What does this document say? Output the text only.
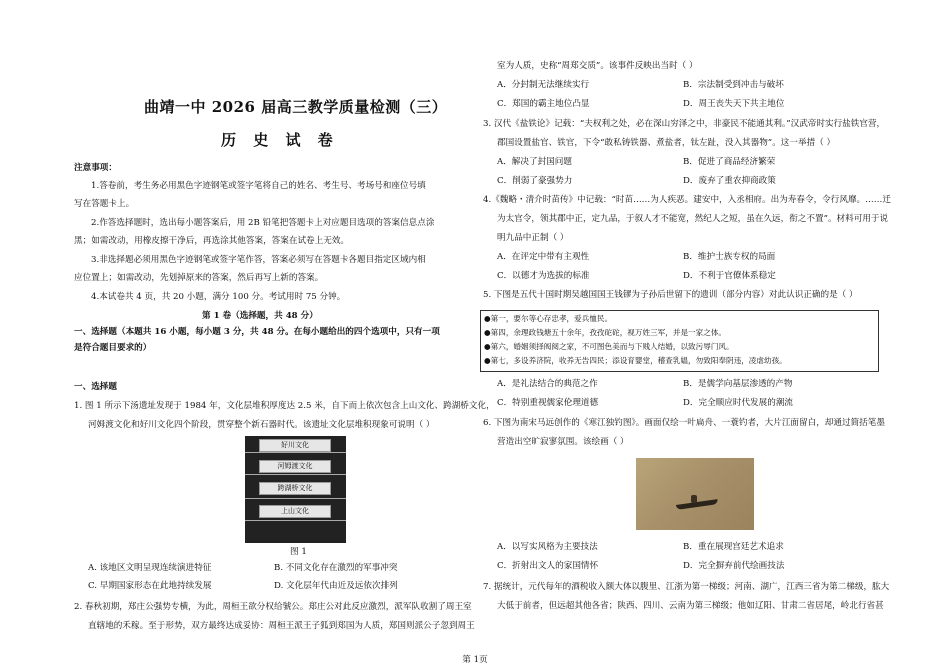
曲靖一中 2026 届高三教学质量检测（三）
历 史 试 卷
注意事项：
1.答卷前，考生务必用黑色字迹钢笔或签字笔将自己的姓名、考生号、考场号和座位号填
写在答题卡上。
2.作答选择题时，选出每小题答案后，用 2B 铅笔把答题卡上对应题目选项的答案信息点涂
黑；如需改动，用橡皮擦干净后，再选涂其他答案，答案在试卷上无效。
3.非选择题必须用黑色字迹钢笔或签字笔作答，答案必须写在答题卡各题目指定区域内相
应位置上；如需改动，先划掉原来的答案，然后再写上新的答案。
4.本试卷共 4 页，共 20 小题，满分 100 分。考试用时 75 分钟。
第 1 卷（选择题，共 48 分）
一、选择题（本题共 16 小题，每小题 3 分，共 48 分。在每小题给出的四个选项中，只有一项
是符合题目要求的）
一、选择题
1. 图 1 所示下汤遗址发现于 1984 年，文化层堆积厚度达 2.5 米，自下而上依次包含上山文化、跨湖桥文化，
河姆渡文化和好川文化四个阶段，贯穿整个新石器时代。该遗址文化层堆积现象可说明（ ）
好川文化
河姆渡文化
跨湖桥文化
上山文化
图 1
A. 该地区文明呈现连续演进特征	B. 不同文化存在激烈的军事冲突
C. 早期国家形态在此地持续发展	D. 文化层年代由近及远依次排列
2. 春秋初期，郑庄公强势专横，为此，周桓王欲分权给虢公。郑庄公对此反应激烈，派军队收割了周王室
直辖地的禾稼。至于形势，双方最终达成妥协：周桓王派王子狐到郑国为人质，郑国则派公子忽到周王
室为人质，史称“周郑交质”。该事件反映出当时（ ）
A．分封制无法继续实行	B．宗法制受到冲击与破坏
C．郑国的霸主地位凸显	D．周王丧失天下共主地位
3. 汉代《盐铁论》记载：“夫权利之处，必在深山穷泽之中，非豪民不能通其利。”汉武帝时实行盐铁官营，
郡国设置盐官、铁官，下令“敢私铸铁器、煮盐者，钛左趾，没入其器物”。这一举措（ ）
A．解决了封国问题	B．促进了商品经济繁荣
C．削弱了豪强势力	D．废弃了重农抑商政策
4.《魏略・清介时苗传》中记载：“时苗……为人疾恶。建安中，入丞相府。出为寿春令，令行风靡。……迁
为太官令，领其郡中正，定九品，于叙人才不能宽，然纪人之短，虽在久远，衔之不置”。材料可用于说
明九品中正制（ ）
A．在评定中带有主观性	B．维护士族专权的局面
C．以德才为选拔的标准	D．不利于官僚体系稳定
5. 下图是五代十国时期吴越国国王钱镠为子孙后世留下的遗训（部分内容）对此认识正确的是（ ）
●第一，要尔等心存忠孝，爱兵恤民。
●第四，余理政钱塘五十余年，孜孜砣砣，视万姓三军，并是一家之体。
●第六，婚姻须择阀阅之家，不可图色美而与下贱人结婚，以致污辱门风。
●第七，多设养济院，收养无告四民；添设育婴堂，稽查乳媪，勿致阳奉阴违，凌虐幼孩。
A．是礼法结合的典范之作	B．是儒学向基层渗透的产物
C．特别重视儒家伦理道德	D．完全顺应时代发展的潮流
6. 下图为南宋马远创作的《寒江独钓图》。画面仅绘一叶扁舟、一蓑钓者，大片江面留白，却通过简括笔墨
营造出空旷寂寥氛围。该绘画（ ）
A．以写实风格为主要技法	B．重在展现宫廷艺术追求
C．折射出文人的家国情怀	D．完全摒弃前代绘画技法
7. 据统计，元代每年的酒税收入额大体以腹里、江浙为第一梯级；河南、湖广，江西三省为第二梯级，肱大
大低于前者，但远超其他各省；陕西、四川、云南为第三梯级；他如辽阳、甘肃二省居尾，岭北行省甚
第 1页
